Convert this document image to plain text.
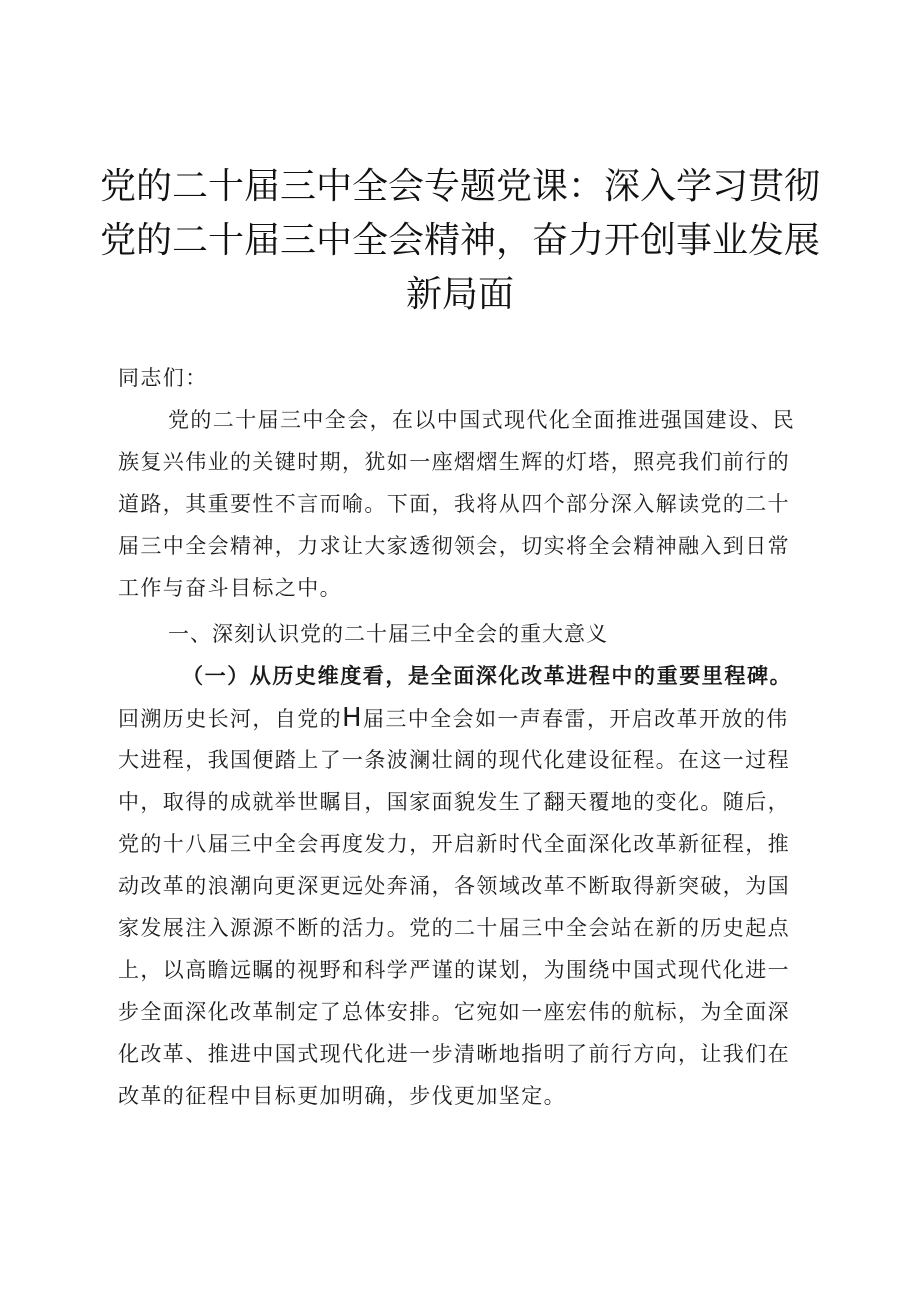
党的二十届三中全会专题党课：深入学习贯彻
党的二十届三中全会精神，奋力开创事业发展
新局面
同志们：
党的二十届三中全会，在以中国式现代化全面推进强国建设、民
族复兴伟业的关键时期，犹如一座熠熠生辉的灯塔，照亮我们前行的
道路，其重要性不言而喻。下面，我将从四个部分深入解读党的二十
届三中全会精神，力求让大家透彻领会，切实将全会精神融入到日常
工作与奋斗目标之中。
一、深刻认识党的二十届三中全会的重大意义
（一）从历史维度看，是全面深化改革进程中的重要里程碑。
回溯历史长河，自党的H届三中全会如一声春雷，开启改革开放的伟
大进程，我国便踏上了一条波澜壮阔的现代化建设征程。在这一过程
中，取得的成就举世瞩目，国家面貌发生了翻天覆地的变化。随后，
党的十八届三中全会再度发力，开启新时代全面深化改革新征程，推
动改革的浪潮向更深更远处奔涌，各领域改革不断取得新突破，为国
家发展注入源源不断的活力。党的二十届三中全会站在新的历史起点
上，以高瞻远瞩的视野和科学严谨的谋划，为围绕中国式现代化进一
步全面深化改革制定了总体安排。它宛如一座宏伟的航标，为全面深
化改革、推进中国式现代化进一步清晰地指明了前行方向，让我们在
改革的征程中目标更加明确，步伐更加坚定。
